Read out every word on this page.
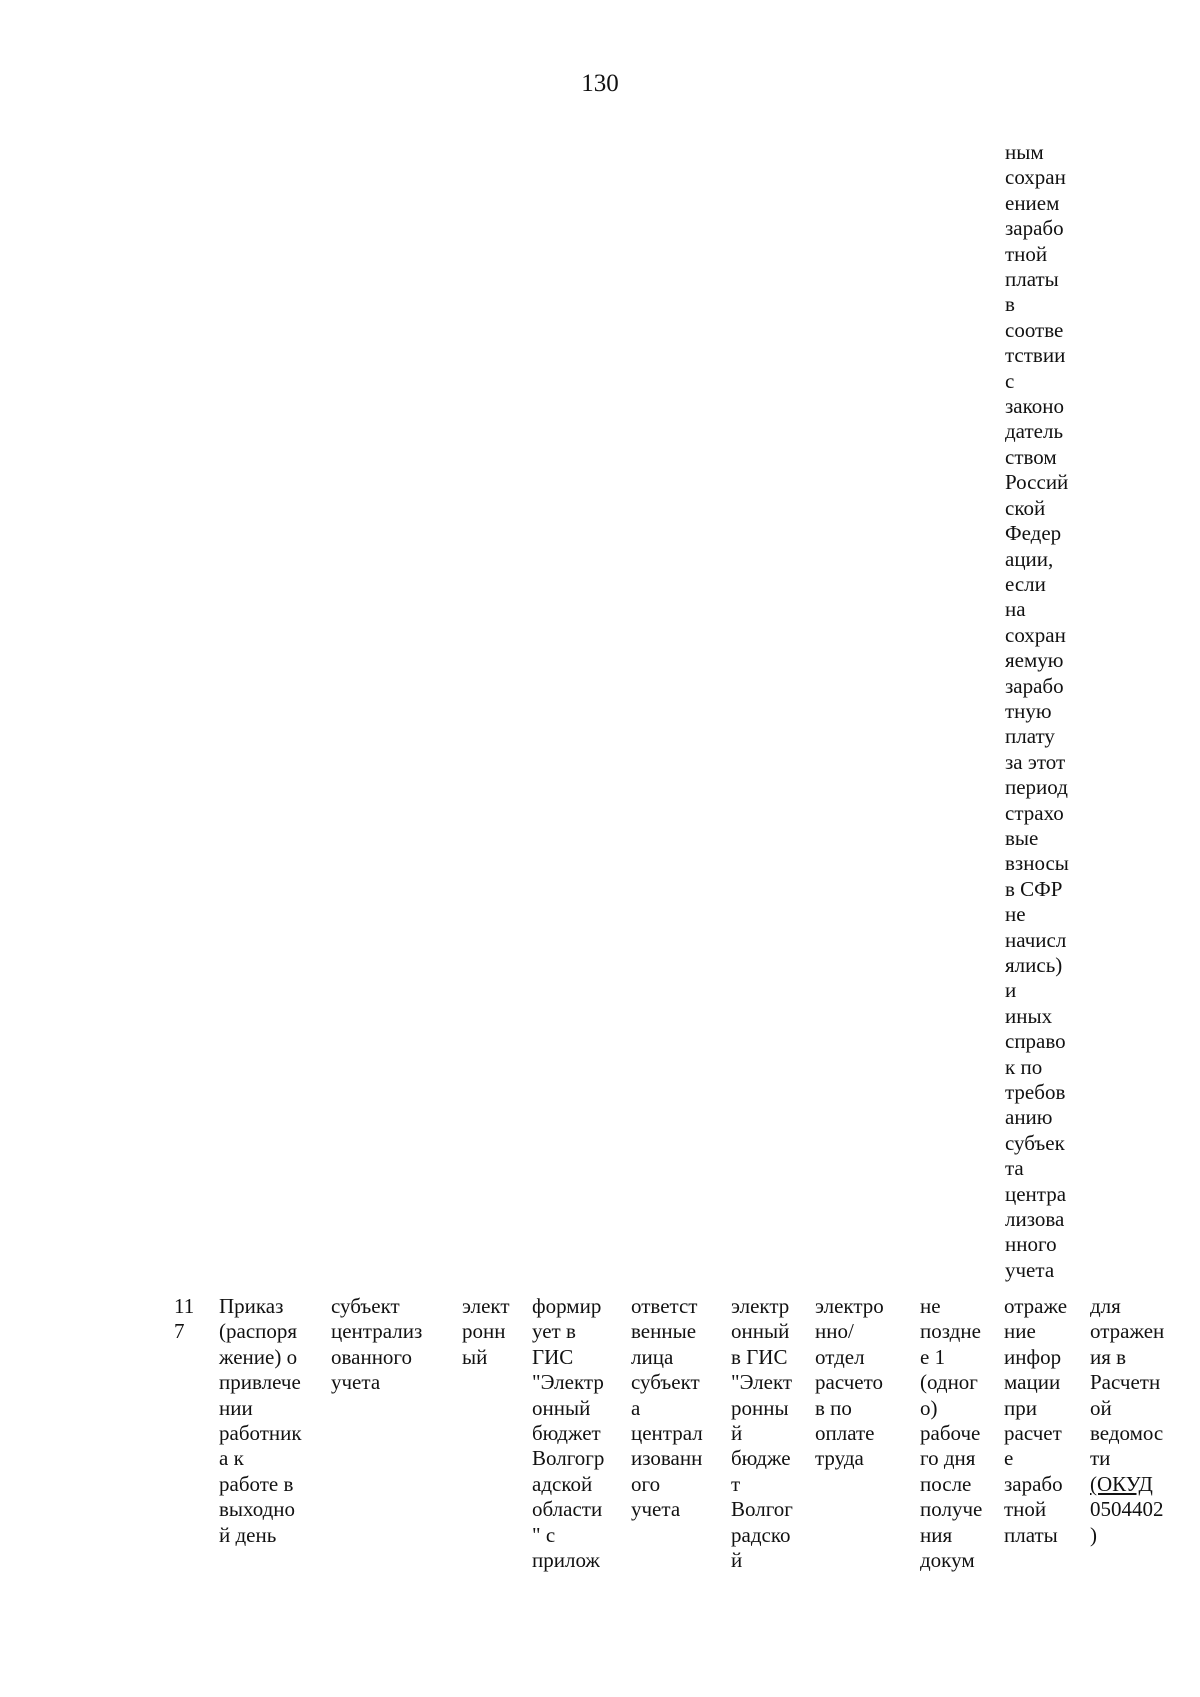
130
ным
сохран
ением
зарабо
тной
платы
в
соотве
тствии
с
законо
датель
ством
Россий
ской
Федер
ации,
если
на
сохран
яемую
зарабо
тную
плату
за этот
период
страхо
вые
взносы
в СФР
не
начисл
ялись)
и
иных
справо
к по
требов
анию
субъек
та
центра
лизова
нного
учета
11
7
Приказ
(распоря
жение) о
привлече
нии
работник
а к
работе в
выходно
й день
субъект
централиз
ованного
учета
элект
ронн
ый
формир
ует в
ГИС
"Электр
онный
бюджет
Волгогр
адской
области
" с
прилож
ответст
венные
лица
субъект
а
централ
изованн
ого
учета
электр
онный
в ГИС
"Элект
ронны
й
бюдже
т
Волгог
радско
й
электро
нно/
отдел
расчето
в по
оплате
труда
не
поздне
е 1
(одног
о)
рабоче
го дня
после
получе
ния
докум
отраже
ние
инфор
мации
при
расчет
е
зарабо
тной
платы
для
отражен
ия в
Расчетн
ой
ведомос
ти
(ОКУД
0504402
)
